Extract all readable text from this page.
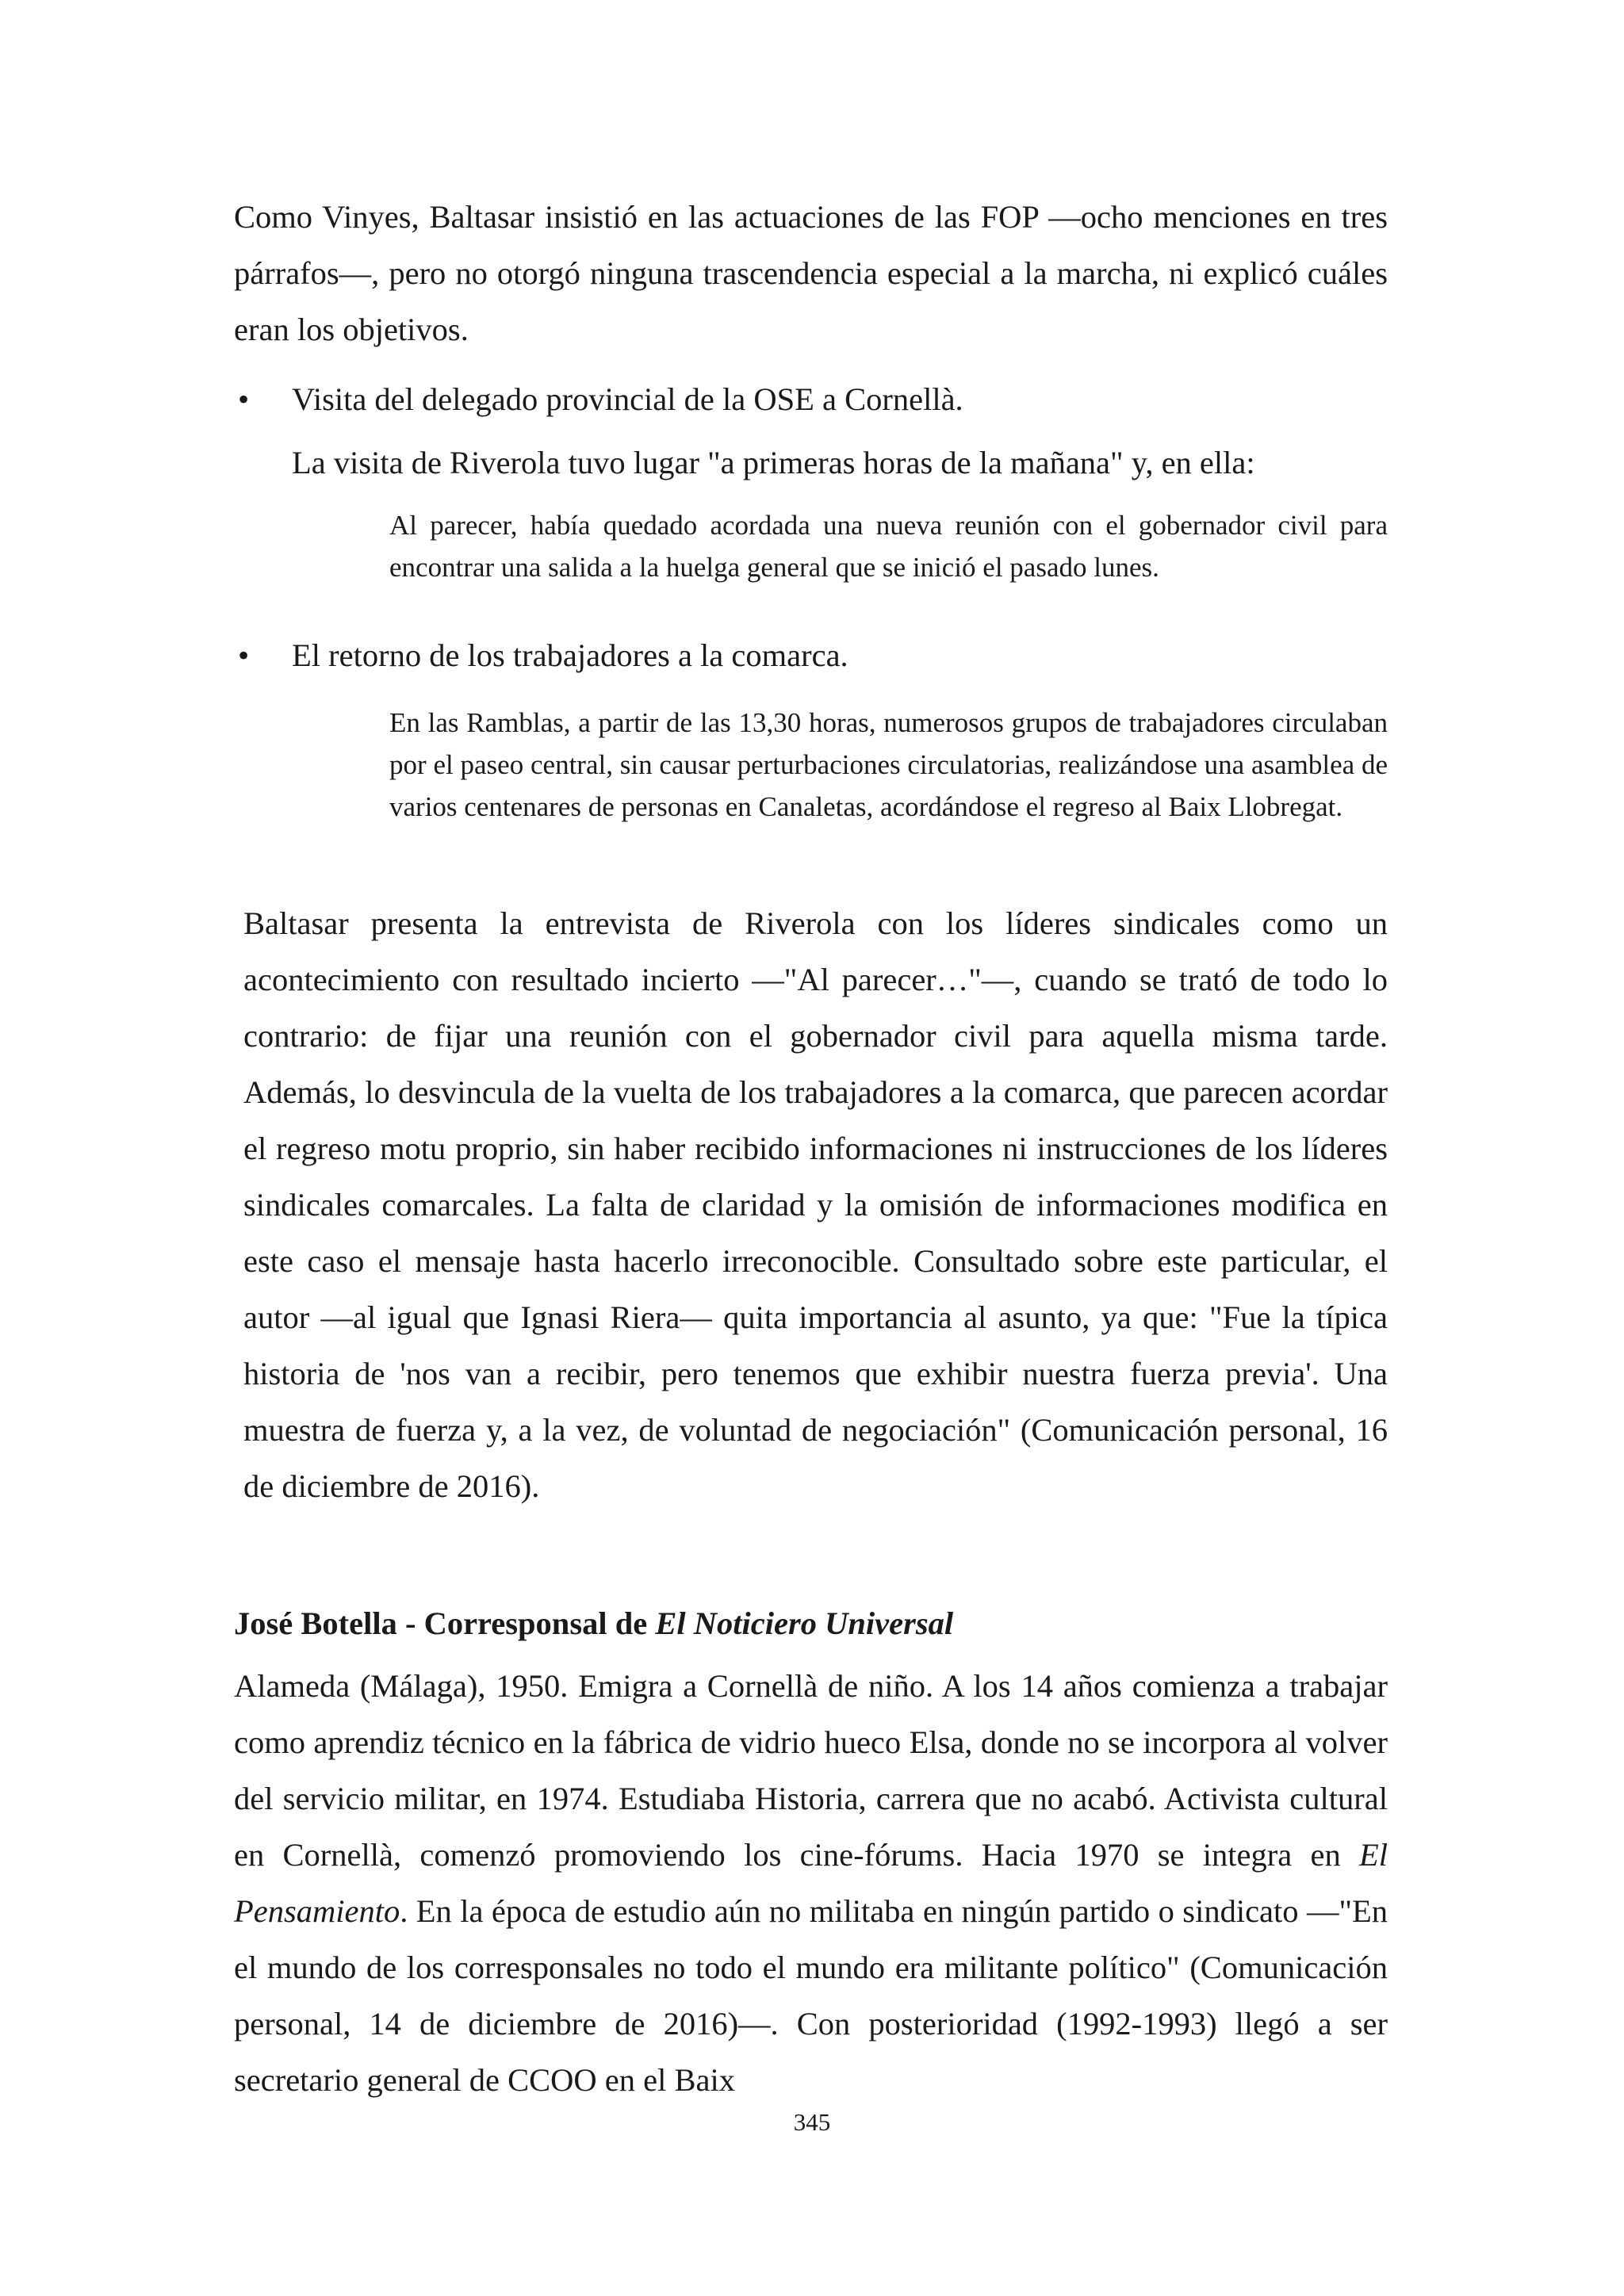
Como Vinyes, Baltasar insistió en las actuaciones de las FOP —ocho menciones en tres párrafos—, pero no otorgó ninguna trascendencia especial a la marcha, ni explicó cuáles eran los objetivos.

•	Visita del delegado provincial de la OSE a Cornellà.

La visita de Riverola tuvo lugar "a primeras horas de la mañana" y, en ella:

Al parecer, había quedado acordada una nueva reunión con el gobernador civil para encontrar una salida a la huelga general que se inició el pasado lunes.

•	El retorno de los trabajadores a la comarca.

En las Ramblas, a partir de las 13,30 horas, numerosos grupos de trabajadores circulaban por el paseo central, sin causar perturbaciones circulatorias, realizándose una asamblea de varios centenares de personas en Canaletas, acordándose el regreso al Baix Llobregat.

Baltasar presenta la entrevista de Riverola con los líderes sindicales como un acontecimiento con resultado incierto —"Al parecer…"—, cuando se trató de todo lo contrario: de fijar una reunión con el gobernador civil para aquella misma tarde. Además, lo desvincula de la vuelta de los trabajadores a la comarca, que parecen acordar el regreso motu proprio, sin haber recibido informaciones ni instrucciones de los líderes sindicales comarcales. La falta de claridad y la omisión de informaciones modifica en este caso el mensaje hasta hacerlo irreconocible. Consultado sobre este particular, el autor —al igual que Ignasi Riera— quita importancia al asunto, ya que: "Fue la típica historia de 'nos van a recibir, pero tenemos que exhibir nuestra fuerza previa'. Una muestra de fuerza y, a la vez, de voluntad de negociación" (Comunicación personal, 16 de diciembre de 2016).

José Botella - Corresponsal de El Noticiero Universal

Alameda (Málaga), 1950. Emigra a Cornellà de niño. A los 14 años comienza a trabajar como aprendiz técnico en la fábrica de vidrio hueco Elsa, donde no se incorpora al volver del servicio militar, en 1974. Estudiaba Historia, carrera que no acabó. Activista cultural en Cornellà, comenzó promoviendo los cine-fórums. Hacia 1970 se integra en El Pensamiento. En la época de estudio aún no militaba en ningún partido o sindicato —"En el mundo de los corresponsales no todo el mundo era militante político" (Comunicación personal, 14 de diciembre de 2016)—. Con posterioridad (1992-1993) llegó a ser secretario general de CCOO en el Baix

345
